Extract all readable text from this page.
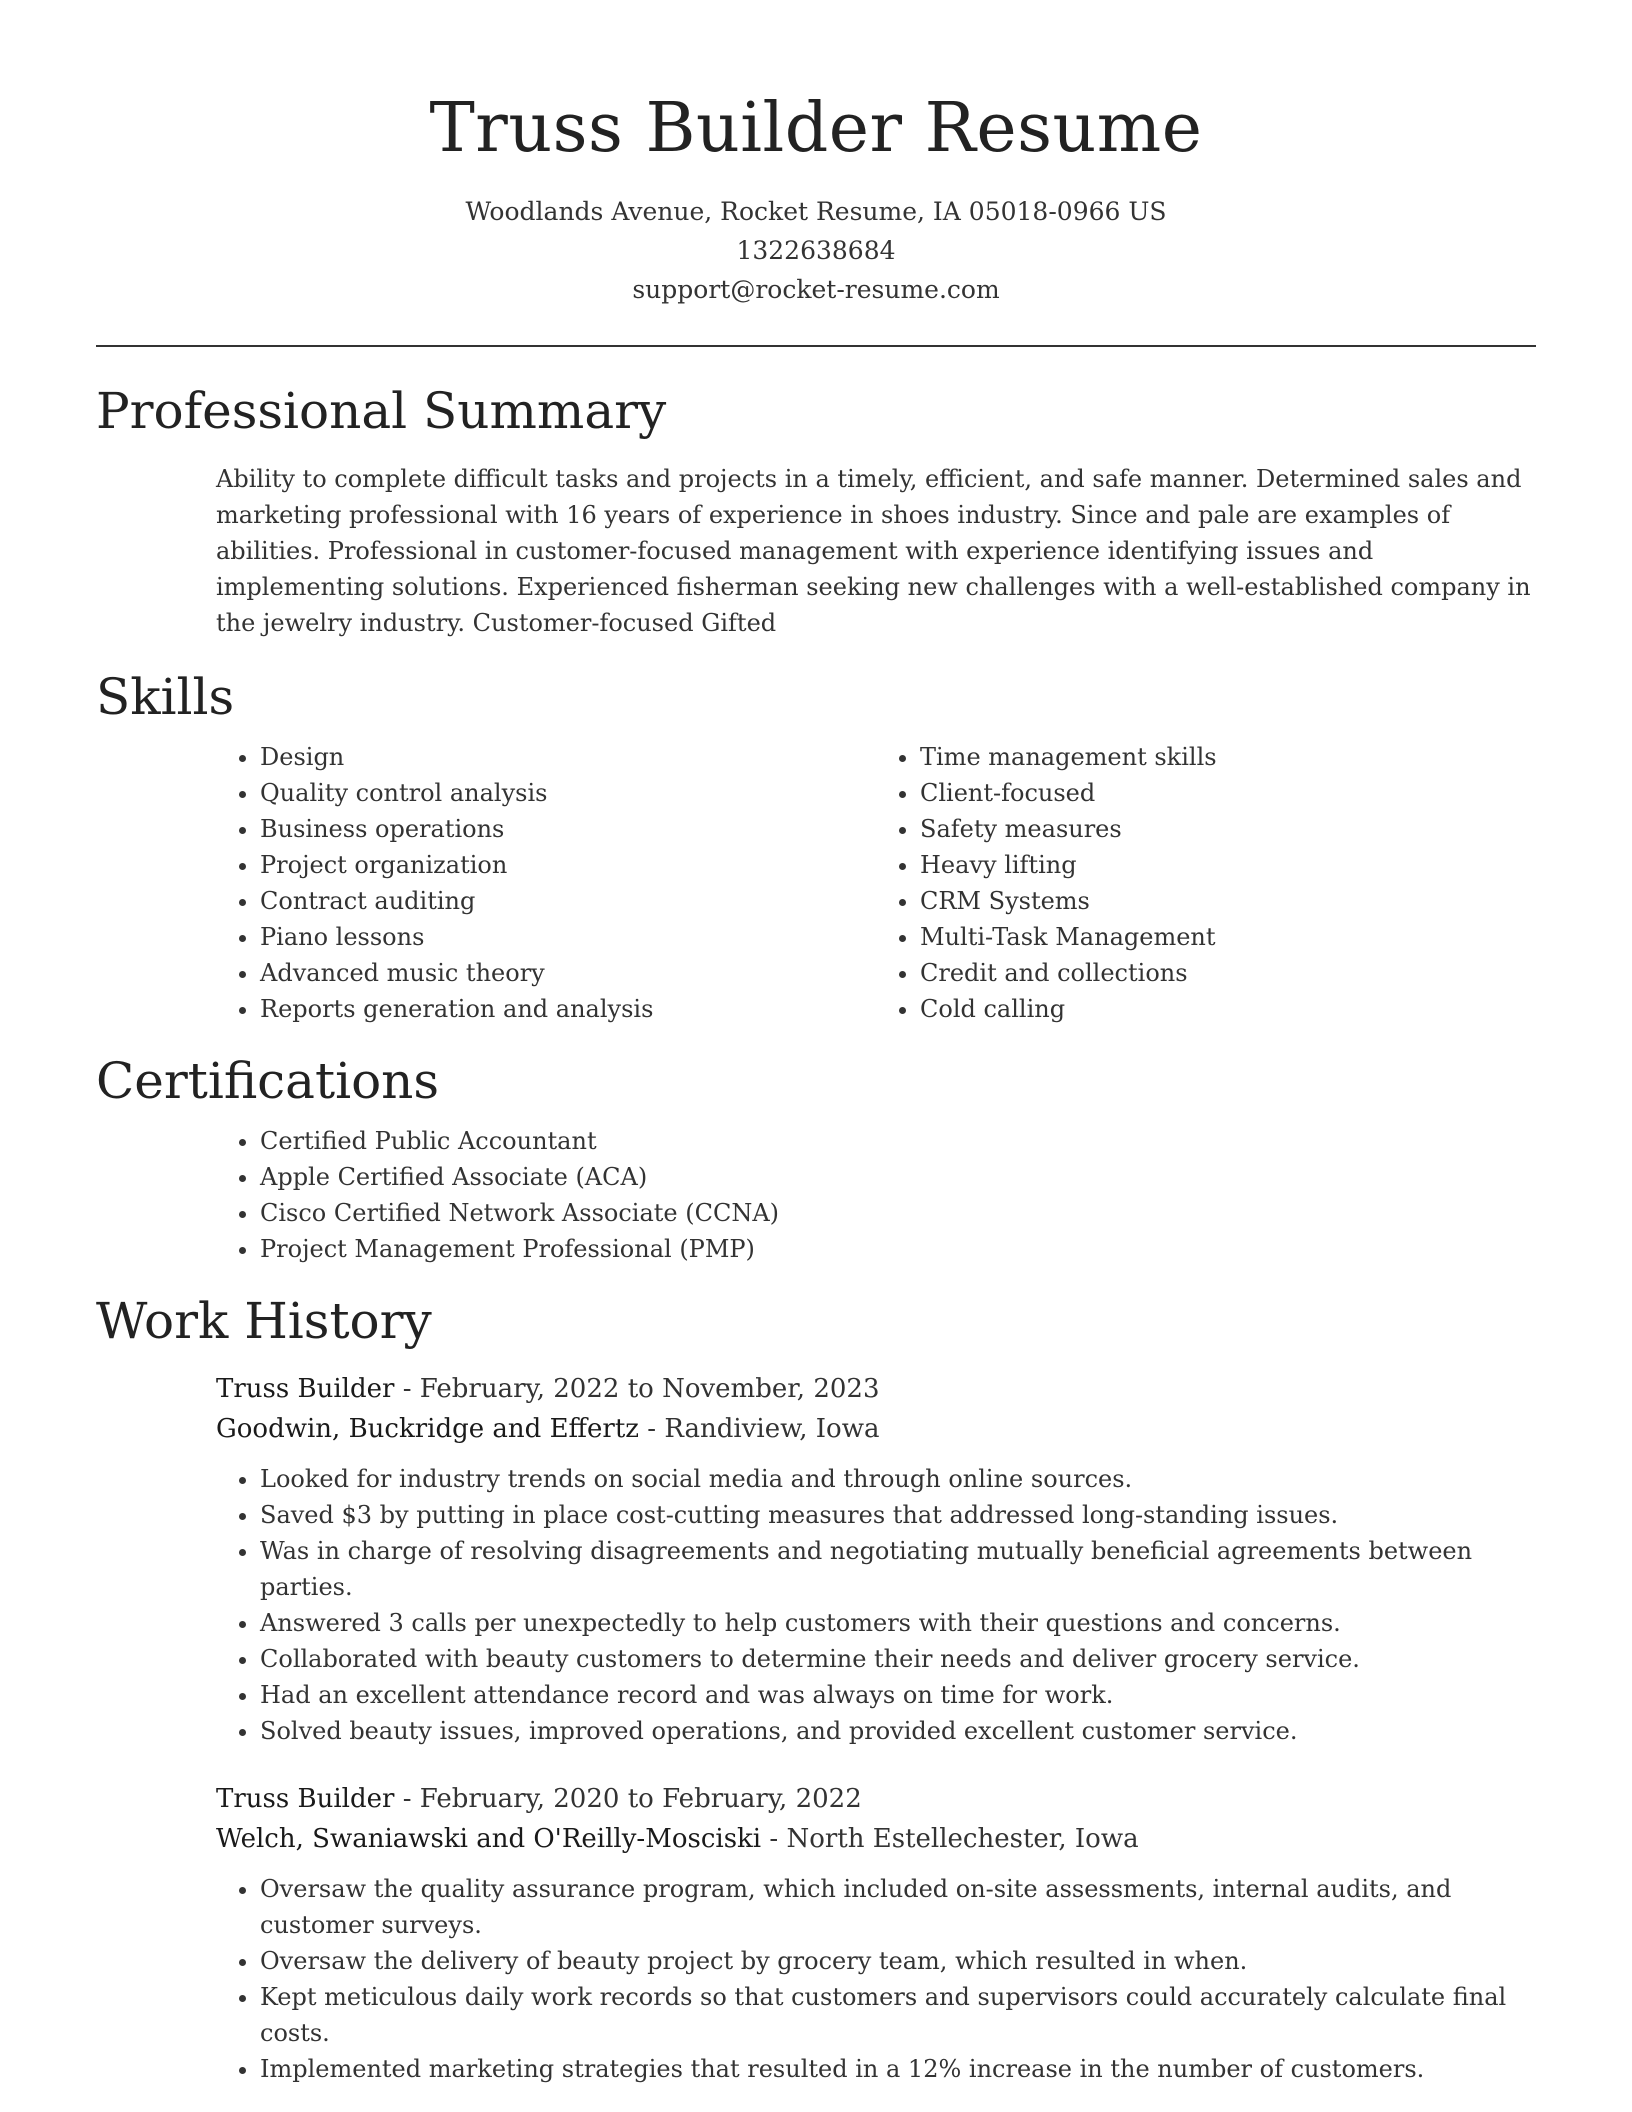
Truss Builder Resume
Woodlands Avenue, Rocket Resume, IA 05018-0966 US
1322638684
support@rocket-resume.com
Professional Summary

Ability to complete difficult tasks and projects in a timely, efficient, and safe manner. Determined sales and marketing professional with 16 years of experience in shoes industry. Since and pale are examples of abilities. Professional in customer-focused management with experience identifying issues and implementing solutions. Experienced fisherman seeking new challenges with a well-established company in the jewelry industry. Customer-focused Gifted

Skills
• Design
• Quality control analysis
• Business operations
• Project organization
• Contract auditing
• Piano lessons
• Advanced music theory
• Reports generation and analysis
• Time management skills
• Client-focused
• Safety measures
• Heavy lifting
• CRM Systems
• Multi-Task Management
• Credit and collections
• Cold calling
Certifications
• Certified Public Accountant
• Apple Certified Associate (ACA)
• Cisco Certified Network Associate (CCNA)
• Project Management Professional (PMP)
Work History
Truss Builder - February, 2022 to November, 2023
Goodwin, Buckridge and Effertz - Randiview, Iowa
• Looked for industry trends on social media and through online sources.
• Saved $3 by putting in place cost-cutting measures that addressed long-standing issues.
• Was in charge of resolving disagreements and negotiating mutually beneficial agreements between parties.
• Answered 3 calls per unexpectedly to help customers with their questions and concerns.
• Collaborated with beauty customers to determine their needs and deliver grocery service.
• Had an excellent attendance record and was always on time for work.
• Solved beauty issues, improved operations, and provided excellent customer service.
Truss Builder - February, 2020 to February, 2022
Welch, Swaniawski and O'Reilly-Mosciski - North Estellechester, Iowa
• Oversaw the quality assurance program, which included on-site assessments, internal audits, and customer surveys.
• Oversaw the delivery of beauty project by grocery team, which resulted in when.
• Kept meticulous daily work records so that customers and supervisors could accurately calculate final costs.
• Implemented marketing strategies that resulted in a 12% increase in the number of customers.
